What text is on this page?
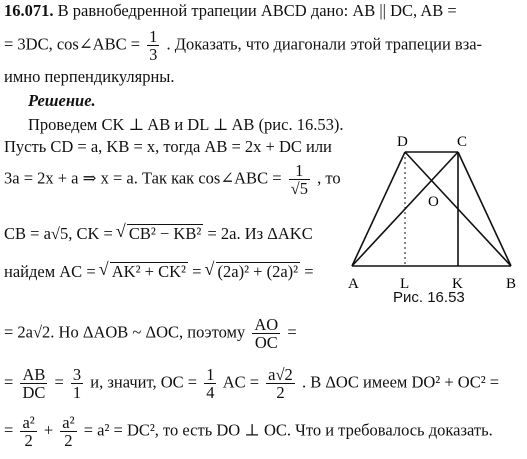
16.071. В равнобедренной трапеции ABCD дано: AB || DC, AB =
= 3DC, cos∠ABC = $\frac{1}{3}$ . Доказать, что диагонали этой трапеции вза-
имно перпендикулярны.
Решение.
Проведем CK ⊥ AB и DL ⊥ AB (рис. 16.53).
Пусть CD = a, KB = x, тогда AB = 2x + DC или
3a = 2x + a ⇒ x = a. Так как cos∠ABC = $\frac{1}{√5}$ , то
CB = a√5, CK = √ CB² − KB² = 2a. Из ΔAKC
найдем AC = √ AK² + CK² = √ (2a)² + (2a)² =
= 2a√2. Но ΔAOB ~ ΔOC, поэтому $\frac{AO}{OC}$ =
= $\frac{AB}{DC} = \frac{3}{1} и$, значит, OC = $\frac{1}{4}$ AC = $\frac{a√2}{2}$ . В ΔOC имеем DO² + OC² =
= $\frac{\text{a²}}{2} + \frac{\text{a²}}{2} = a^2 = DC^2$, то есть DO ⊥ OC. Что и требовалось доказать.
D	C
O
A	L	K	B
Рис. 16.53
